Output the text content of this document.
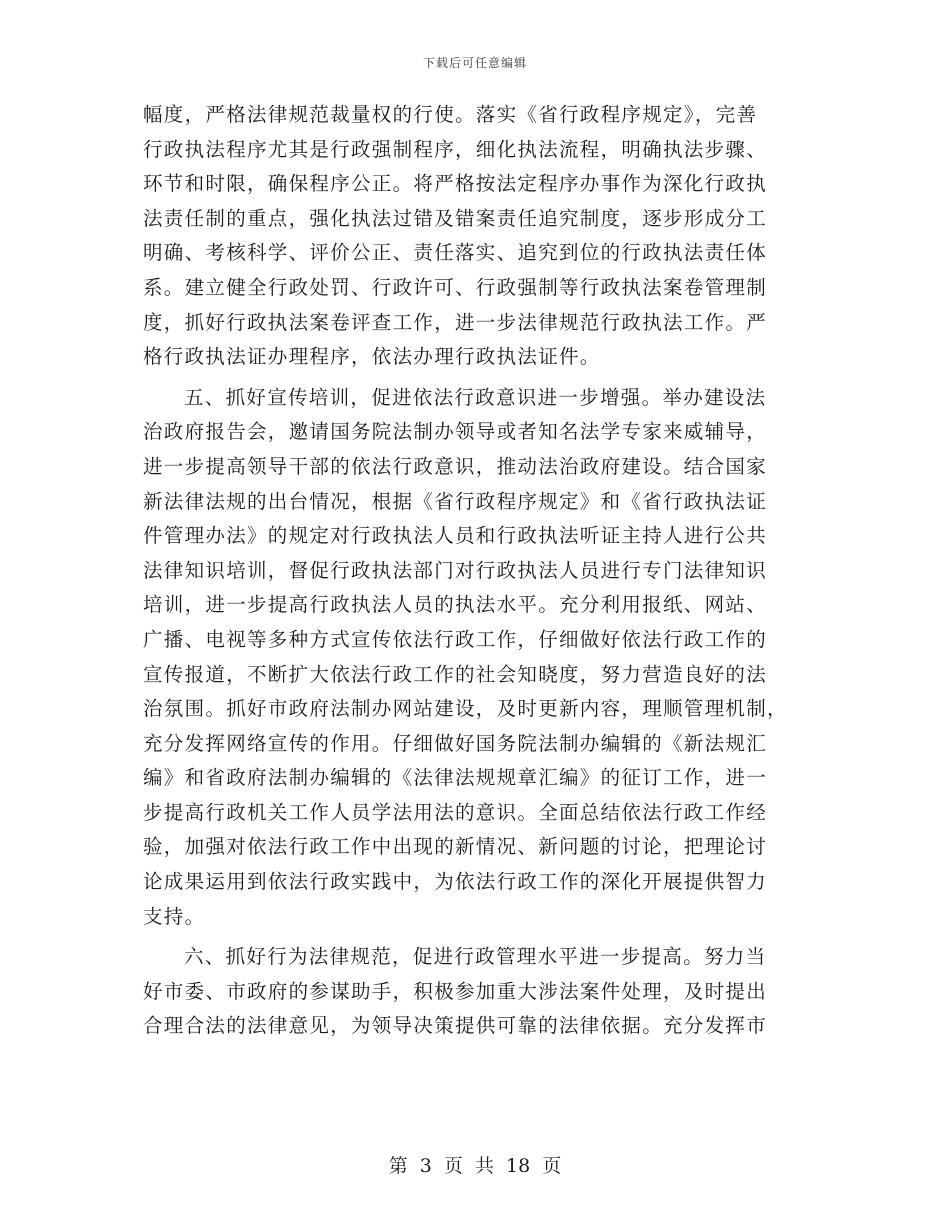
下载后可任意编辑
幅度，严格法律规范裁量权的行使。落实《省行政程序规定》，完善
行政执法程序尤其是行政强制程序，细化执法流程，明确执法步骤、
环节和时限，确保程序公正。将严格按法定程序办事作为深化行政执
法责任制的重点，强化执法过错及错案责任追究制度，逐步形成分工
明确、考核科学、评价公正、责任落实、追究到位的行政执法责任体
系。建立健全行政处罚、行政许可、行政强制等行政执法案卷管理制
度，抓好行政执法案卷评查工作，进一步法律规范行政执法工作。严
格行政执法证办理程序，依法办理行政执法证件。
五、抓好宣传培训，促进依法行政意识进一步增强。举办建设法
治政府报告会，邀请国务院法制办领导或者知名法学专家来威辅导，
进一步提高领导干部的依法行政意识，推动法治政府建设。结合国家
新法律法规的出台情况，根据《省行政程序规定》和《省行政执法证
件管理办法》的规定对行政执法人员和行政执法听证主持人进行公共
法律知识培训，督促行政执法部门对行政执法人员进行专门法律知识
培训，进一步提高行政执法人员的执法水平。充分利用报纸、网站、
广播、电视等多种方式宣传依法行政工作，仔细做好依法行政工作的
宣传报道，不断扩大依法行政工作的社会知晓度，努力营造良好的法
治氛围。抓好市政府法制办网站建设，及时更新内容，理顺管理机制，
充分发挥网络宣传的作用。仔细做好国务院法制办编辑的《新法规汇
编》和省政府法制办编辑的《法律法规规章汇编》的征订工作，进一
步提高行政机关工作人员学法用法的意识。全面总结依法行政工作经
验，加强对依法行政工作中出现的新情况、新问题的讨论，把理论讨
论成果运用到依法行政实践中，为依法行政工作的深化开展提供智力
支持。
六、抓好行为法律规范，促进行政管理水平进一步提高。努力当
好市委、市政府的参谋助手，积极参加重大涉法案件处理，及时提出
合理合法的法律意见，为领导决策提供可靠的法律依据。充分发挥市
第 3 页 共 18 页
